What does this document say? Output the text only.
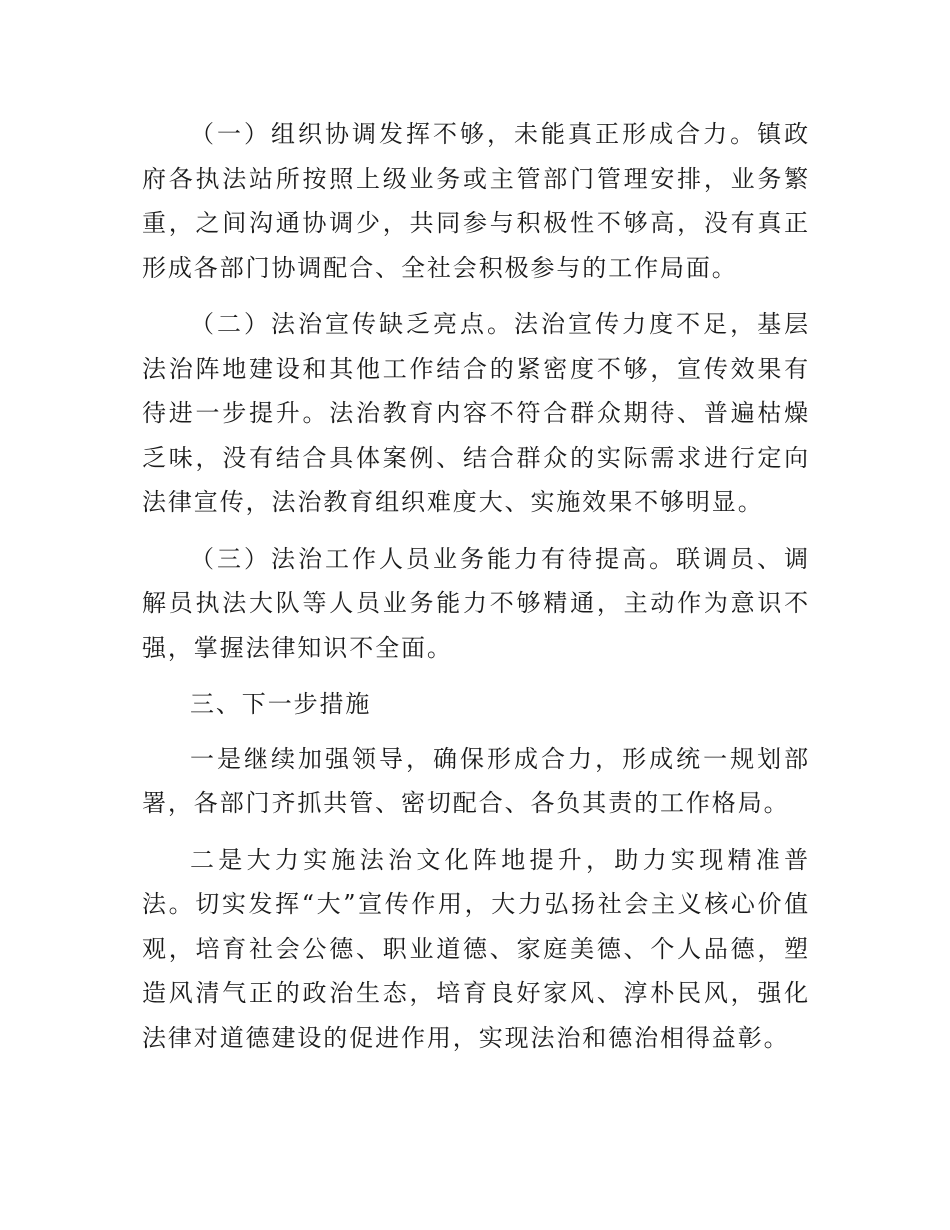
（一）组织协调发挥不够，未能真正形成合力。镇政府各执法站所按照上级业务或主管部门管理安排，业务繁重，之间沟通协调少，共同参与积极性不够高，没有真正形成各部门协调配合、全社会积极参与的工作局面。

（二）法治宣传缺乏亮点。法治宣传力度不足，基层法治阵地建设和其他工作结合的紧密度不够，宣传效果有待进一步提升。法治教育内容不符合群众期待、普遍枯燥乏味，没有结合具体案例、结合群众的实际需求进行定向法律宣传，法治教育组织难度大、实施效果不够明显。

（三）法治工作人员业务能力有待提高。联调员、调解员执法大队等人员业务能力不够精通，主动作为意识不强，掌握法律知识不全面。

三、下一步措施

一是继续加强领导，确保形成合力，形成统一规划部署，各部门齐抓共管、密切配合、各负其责的工作格局。

二是大力实施法治文化阵地提升，助力实现精准普法。切实发挥“大”宣传作用，大力弘扬社会主义核心价值观，培育社会公德、职业道德、家庭美德、个人品德，塑造风清气正的政治生态，培育良好家风、淳朴民风，强化法律对道德建设的促进作用，实现法治和德治相得益彰。
